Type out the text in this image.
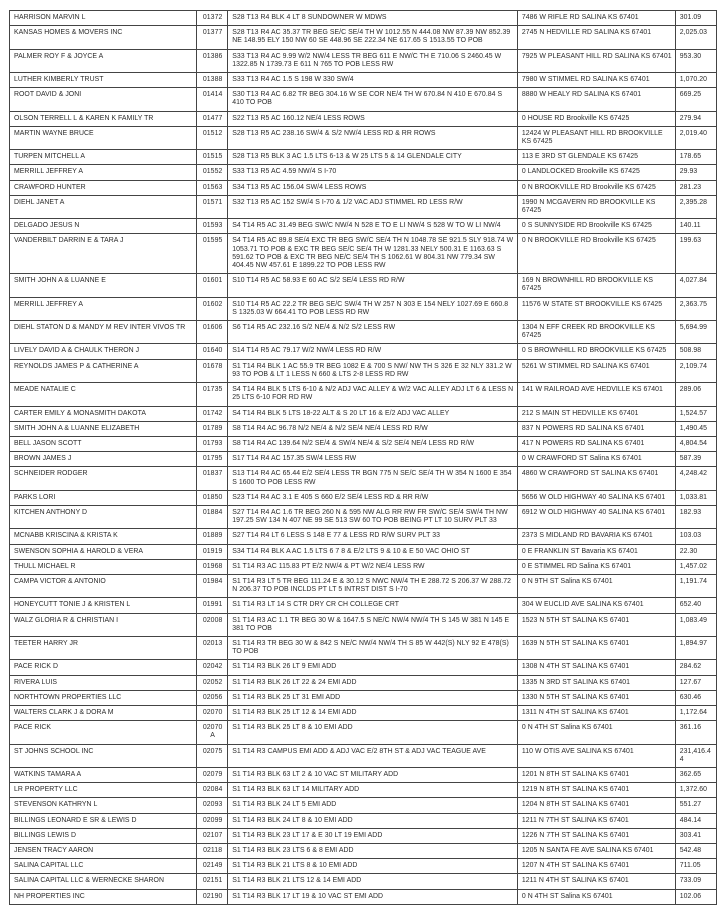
HARRISON MARVIN L	01372	S28 T13 R4 BLK 4 LT 8 SUNDOWNER W MDWS	7486 W RIFLE RD SALINA KS 67401	301.09
KANSAS HOMES & MOVERS INC	01377	S28 T13 R4 AC 35.37 TR BEG SE/C SE/4 TH W 1012.55 N 444.08 NW 87.39 NW 852.39 NE 148.95 ELY 150 NW 60 SE 448.96 SE 222.34 NE 617.65 S 1513.55 TO POB	2745 N HEDVILLE RD SALINA KS 67401	2,025.03
PALMER ROY F & JOYCE A	01386	S33 T13 R4 AC 9.99 W/2 NW/4 LESS TR BEG 611 E NW/C TH E 710.06 S 2460.45 W 1322.85 N 1739.73 E 611 N 765 TO POB LESS RW	7925 W PLEASANT HILL RD SALINA KS 67401	953.30
LUTHER KIMBERLY TRUST	01388	S33 T13 R4 AC 1.5 S 198 W 330 SW/4	7980 W STIMMEL RD SALINA KS 67401	1,070.20
ROOT DAVID & JONI	01414	S30 T13 R4 AC 6.82 TR BEG 304.16 W SE COR NE/4 TH W 670.84 N 410 E 670.84 S 410 TO POB	8880 W HEALY RD SALINA KS 67401	669.25
OLSON TERRELL L & KAREN K FAMILY TR	01477	S22 T13 R5 AC 160.12 NE/4 LESS ROWS	0 HOUSE RD Brookville KS 67425	279.94
MARTIN WAYNE BRUCE	01512	S28 T13 R5 AC 238.16 SW/4 & S/2 NW/4 LESS RD & RR ROWS	12424 W PLEASANT HILL RD BROOKVILLE KS 67425	2,019.40
TURPEN MITCHELL A	01515	S28 T13 R5 BLK 3 AC 1.5 LTS 6-13 & W 25 LTS 5 & 14 GLENDALE CITY	113 E 3RD ST GLENDALE KS 67425	178.65
MERRILL JEFFREY A	01552	S33 T13 R5 AC 4.59 NW/4 S I-70	0 LANDLOCKED Brookville KS 67425	29.93
CRAWFORD HUNTER	01563	S34 T13 R5 AC 156.04 SW/4 LESS ROWS	0 N BROOKVILLE RD Brookville KS 67425	281.23
DIEHL JANET A	01571	S32 T13 R5 AC 152 SW/4 S I-70 & 1/2 VAC ADJ STIMMEL RD LESS R/W	1990 N MCGAVERN RD BROOKVILLE KS 67425	2,395.28
DELGADO JESUS N	01593	S4 T14 R5 AC 31.49 BEG SW/C NW/4 N 528 E TO E LI NW/4 S 528 W TO W LI NW/4	0 S SUNNYSIDE RD Brookville KS 67425	140.11
VANDERBILT DARRIN E & TARA J	01595	S4 T14 R5 AC 89.8 SE/4 EXC TR BEG SW/C SE/4 TH N 1048.78 SE 921.5 SLY 918.74 W 1053.71 TO POB & EXC TR BEG SE/C SE/4 TH W 1281.33 NELY 500.31 E 1163.63 S 591.62 TO POB & EXC TR BEG NE/C SE/4 TH S 1062.61 W 804.31 NW 779.34 SW 404.45 NW 457.61 E 1899.22 TO POB LESS RW	0 N BROOKVILLE RD Brookville KS 67425	199.63
SMITH JOHN A & LUANNE E	01601	S10 T14 R5 AC 58.93 E 60 AC S/2 SE/4 LESS RD R/W	169 N BROWNHILL RD BROOKVILLE KS 67425	4,027.84
MERRILL JEFFREY A	01602	S10 T14 R5 AC 22.2 TR BEG SE/C SW/4 TH W 257 N 303 E 154 NELY 1027.69 E 660.8 S 1325.03 W 664.41 TO POB LESS RD RW	11576 W STATE ST BROOKVILLE KS 67425	2,363.75
DIEHL STATON D & MANDY M REV INTER VIVOS TR	01606	S6 T14 R5 AC 232.16 S/2 NE/4 & N/2 S/2 LESS RW	1304 N EFF CREEK RD BROOKVILLE KS 67425	5,694.99
LIVELY DAVID A & CHAULK THERON J	01640	S14 T14 R5 AC 79.17 W/2 NW/4 LESS RD R/W	0 S BROWNHILL RD BROOKVILLE KS 67425	508.98
REYNOLDS JAMES P & CATHERINE A	01678	S1 T14 R4 BLK 1 AC 55.9 TR BEG 1082 E & 700 S NW/ NW TH S 326 E 32 NLY 331.2 W 93 TO POB & LT 1 LESS N 660 & LTS 2-8 LESS RD RW	5261 W STIMMEL RD SALINA KS 67401	2,109.74
MEADE NATALIE C	01735	S4 T14 R4 BLK 5 LTS 6-10 & N/2 ADJ VAC ALLEY & W/2 VAC ALLEY ADJ LT 6 & LESS N 25 LTS 6-10 FOR RD RW	141 W RAILROAD AVE HEDVILLE KS 67401	289.06
CARTER EMILY & MONASMITH DAKOTA	01742	S4 T14 R4 BLK 5 LTS 18-22 ALT & S 20 LT 16 & E/2 ADJ VAC ALLEY	212 S MAIN ST HEDVILLE KS 67401	1,524.57
SMITH JOHN A & LUANNE ELIZABETH	01789	S8 T14 R4 AC 96.78 N/2 NE/4 & N/2 SE/4 NE/4 LESS RD R/W	837 N POWERS RD SALINA KS 67401	1,490.45
BELL JASON SCOTT	01793	S8 T14 R4 AC 139.64 N/2 SE/4 & SW/4 NE/4 & S/2 SE/4 NE/4 LESS RD R/W	417 N POWERS RD SALINA KS 67401	4,804.54
BROWN JAMES J	01795	S17 T14 R4 AC 157.35 SW/4 LESS RW	0 W CRAWFORD ST Salina KS 67401	587.39
SCHNEIDER RODGER	01837	S13 T14 R4 AC 65.44 E/2 SE/4 LESS TR BGN 775 N SE/C SE/4 TH W 354 N 1600 E 354 S 1600 TO POB LESS RW	4860 W CRAWFORD ST SALINA KS 67401	4,248.42
PARKS LORI	01850	S23 T14 R4 AC 3.1 E 405 S 660 E/2 SE/4 LESS RD & RR R/W	5656 W OLD HIGHWAY 40 SALINA KS 67401	1,033.81
KITCHEN ANTHONY D	01884	S27 T14 R4 AC 1.6 TR BEG 260 N & 595 NW ALG RR RW FR SW/C SE/4 SW/4 TH NW 197.25 SW 134 N 407 NE 99 SE 513 SW 60 TO POB BEING PT LT 10 SURV PLT 33	6912 W OLD HIGHWAY 40 SALINA KS 67401	182.93
MCNABB KRISCINA & KRISTA K	01889	S27 T14 R4 LT 6 LESS S 148 E 77 & LESS RD R/W SURV PLT 33	2373 S MIDLAND RD BAVARIA KS 67401	103.03
SWENSON SOPHIA & HAROLD & VERA	01919	S34 T14 R4 BLK A AC 1.5 LTS 6 7 8 & E/2 LTS 9 & 10 & E 50 VAC OHIO ST	0 E FRANKLIN ST Bavaria KS 67401	22.30
THULL MICHAEL R	01968	S1 T14 R3 AC 115.83 PT E/2 NW/4 & PT W/2 NE/4 LESS RW	0 E STIMMEL RD Salina KS 67401	1,457.02
CAMPA VICTOR & ANTONIO	01984	S1 T14 R3 LT 5 TR BEG 111.24 E & 30.12 S NWC NW/4 TH E 288.72 S 206.37 W 288.72 N 206.37 TO POB INCLDS PT LT 5 INTRST DIST S I-70	0 N 9TH ST Salina KS 67401	1,191.74
HONEYCUTT TONIE J & KRISTEN L	01991	S1 T14 R3 LT 14 S CTR DRY CR CH COLLEGE CRT	304 W EUCLID AVE SALINA KS 67401	652.40
WALZ GLORIA R & CHRISTIAN I	02008	S1 T14 R3 AC 1.1 TR BEG 30 W & 1647.5 S NE/C NW/4 NW/4 TH S 145 W 381 N 145 E 381 TO POB	1523 N 5TH ST SALINA KS 67401	1,083.49
TEETER HARRY JR	02013	S1 T14 R3 TR BEG 30 W & 842 S NE/C NW/4 NW/4 TH S 85 W 442(S) NLY 92 E 478(S) TO POB	1639 N 5TH ST SALINA KS 67401	1,894.97
PACE RICK D	02042	S1 T14 R3 BLK 26 LT 9 EMI ADD	1308 N 4TH ST SALINA KS 67401	284.62
RIVERA LUIS	02052	S1 T14 R3 BLK 26 LT 22 & 24 EMI ADD	1335 N 3RD ST SALINA KS 67401	127.67
NORTHTOWN PROPERTIES LLC	02056	S1 T14 R3 BLK 25 LT 31 EMI ADD	1330 N 5TH ST SALINA KS 67401	630.46
WALTERS CLARK J & DORA M	02070	S1 T14 R3 BLK 25 LT 12 & 14 EMI ADD	1311 N 4TH ST SALINA KS 67401	1,172.64
PACE RICK	02070A	S1 T14 R3 BLK 25 LT 8 & 10 EMI ADD	0 N 4TH ST Salina KS 67401	361.16
ST JOHNS SCHOOL INC	02075	S1 T14 R3 CAMPUS EMI ADD & ADJ VAC E/2 8TH ST & ADJ VAC TEAGUE AVE	110 W OTIS AVE SALINA KS 67401	231,416.44
WATKINS TAMARA A	02079	S1 T14 R3 BLK 63 LT 2 & 10 VAC ST MILITARY ADD	1201 N 8TH ST SALINA KS 67401	362.65
LR PROPERTY LLC	02084	S1 T14 R3 BLK 63 LT 14 MILITARY ADD	1219 N 8TH ST SALINA KS 67401	1,372.60
STEVENSON KATHRYN L	02093	S1 T14 R3 BLK 24 LT 5 EMI ADD	1204 N 8TH ST SALINA KS 67401	551.27
BILLINGS LEONARD E SR & LEWIS D	02099	S1 T14 R3 BLK 24 LT 8 & 10 EMI ADD	1211 N 7TH ST SALINA KS 67401	484.14
BILLINGS LEWIS D	02107	S1 T14 R3 BLK 23 LT 17 & E 30 LT 19 EMI ADD	1226 N 7TH ST SALINA KS 67401	303.41
JENSEN TRACY AARON	02118	S1 T14 R3 BLK 23 LTS 6 & 8 EMI ADD	1205 N SANTA FE AVE SALINA KS 67401	542.48
SALINA CAPITAL LLC	02149	S1 T14 R3 BLK 21 LTS 8 & 10 EMI ADD	1207 N 4TH ST SALINA KS 67401	711.05
SALINA CAPITAL LLC & WERNECKE SHARON	02151	S1 T14 R3 BLK 21 LTS 12 & 14 EMI ADD	1211 N 4TH ST SALINA KS 67401	733.09
NH PROPERTIES INC	02190	S1 T14 R3 BLK 17 LT 19 & 10 VAC ST EMI ADD	0 N 4TH ST Salina KS 67401	102.06
